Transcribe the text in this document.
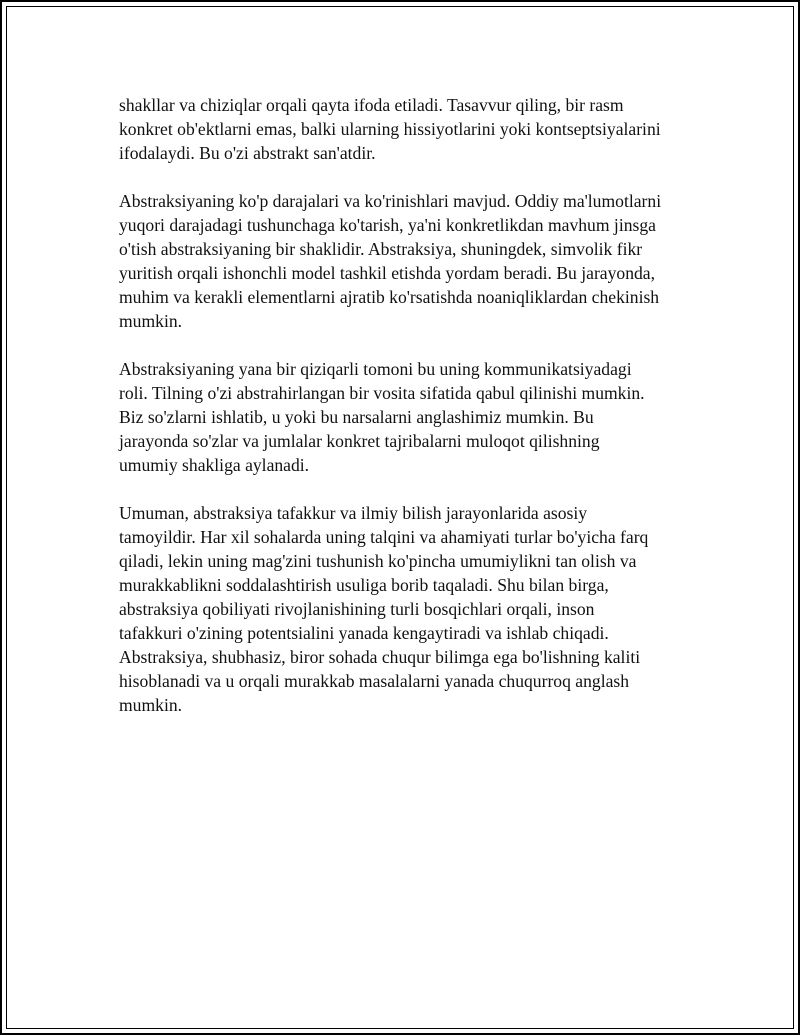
shakllar va chiziqlar orqali qayta ifoda etiladi. Tasavvur qiling, bir rasm
konkret ob'ektlarni emas, balki ularning hissiyotlarini yoki kontseptsiyalarini
ifodalaydi. Bu o'zi abstrakt san'atdir.

Abstraksiyaning ko'p darajalari va ko'rinishlari mavjud. Oddiy ma'lumotlarni
yuqori darajadagi tushunchaga ko'tarish, ya'ni konkretlikdan mavhum jinsga
o'tish abstraksiyaning bir shaklidir. Abstraksiya, shuningdek, simvolik fikr
yuritish orqali ishonchli model tashkil etishda yordam beradi. Bu jarayonda,
muhim va kerakli elementlarni ajratib ko'rsatishda noaniqliklardan chekinish
mumkin.

Abstraksiyaning yana bir qiziqarli tomoni bu uning kommunikatsiyadagi
roli. Tilning o'zi abstrahirlangan bir vosita sifatida qabul qilinishi mumkin.
Biz so'zlarni ishlatib, u yoki bu narsalarni anglashimiz mumkin. Bu
jarayonda so'zlar va jumlalar konkret tajribalarni muloqot qilishning
umumiy shakliga aylanadi.

Umuman, abstraksiya tafakkur va ilmiy bilish jarayonlarida asosiy
tamoyildir. Har xil sohalarda uning talqini va ahamiyati turlar bo'yicha farq
qiladi, lekin uning mag'zini tushunish ko'pincha umumiylikni tan olish va
murakkablikni soddalashtirish usuliga borib taqaladi. Shu bilan birga,
abstraksiya qobiliyati rivojlanishining turli bosqichlari orqali, inson
tafakkuri o'zining potentsialini yanada kengaytiradi va ishlab chiqadi.
Abstraksiya, shubhasiz, biror sohada chuqur bilimga ega bo'lishning kaliti
hisoblanadi va u orqali murakkab masalalarni yanada chuqurroq anglash
mumkin.
